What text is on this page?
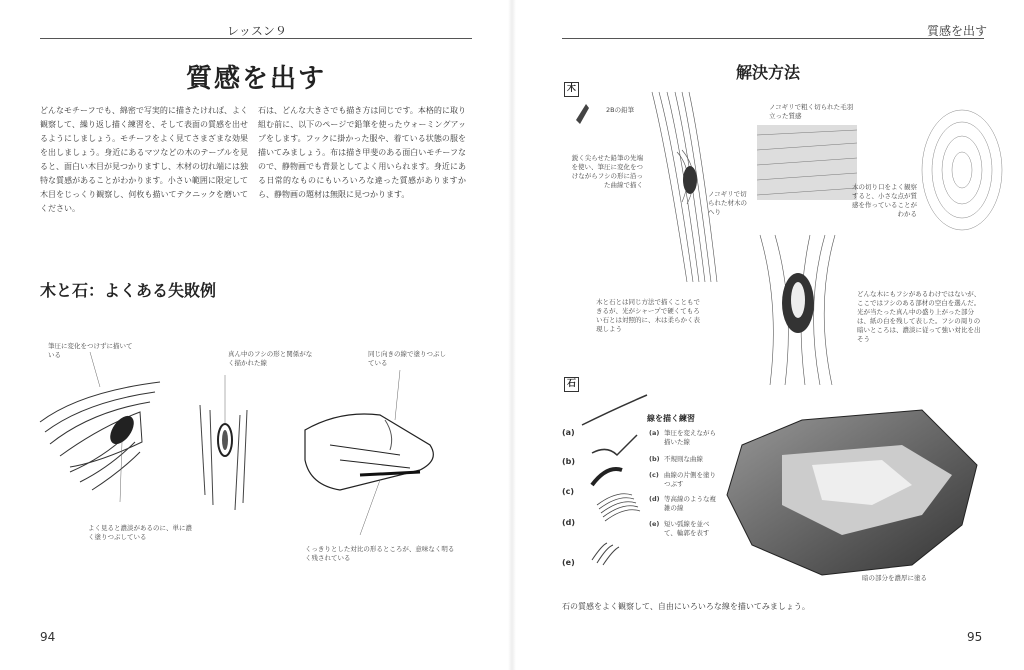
レッスン９
質感を出す
どんなモチーフでも、綿密で写実的に描きたければ、よく観察して、繰り返し描く練習を、そして表面の質感を出せるようにしましょう。モチーフをよく見てさまざまな効果を出しましょう。身近にあるマツなどの木のテーブルを見ると、面白い木目が見つかりますし、木材の切れ端には独特な質感があることがわかります。小さい範囲に限定して木目をじっくり観察し、何枚も描いてテクニックを磨いてください。
石は、どんな大きさでも描き方は同じです。本格的に取り組む前に、以下のページで鉛筆を使ったウォーミングアップをします。フックに掛かった服や、着ている状態の服を描いてみましょう。布は描き甲斐のある面白いモチーフなので、静物画でも背景としてよく用いられます。身近にある日常的なものにもいろいろな違った質感がありますから、静物画の題材は無限に見つかります。
木と石：よくある失敗例
筆圧に変化をつけずに描いている	真ん中のフシの形と関係がなく描かれた線
同じ向きの線で塗りつぶしている
よく見ると濃淡があるのに、単に濃く塗りつぶしている
くっきりとした対比の形るところが、意味なく明るく残されている
94
質感を出す
解決方法
木
石
2Bの鉛筆	ノコギリで粗く切られた毛羽立った質感
鋭く尖らせた鉛筆の先端を使い、筆圧に変化をつけながらフシの形に沿った曲線で描く
ノコギリで切られた材木のへり
木の切り口をよく観察すると、小さな点が質感を作っていることがわかる
木と石とは同じ方法で描くこともできるが、光がシャープで硬くてもろい石とは対照的に、木は柔らかく表現しよう
どんな木にもフシがあるわけではないが、ここではフシのある部材の空白を選んだ。光が当たった真ん中の盛り上がった部分は、紙の白を残して表した。フシの周りの暗いところは、濃淡に従って強い対比を出そう
線を描く練習
(a)
(b)
(c)
(d)
(e)
(a) 筆圧を変えながら描いた線
(b) 不規則な曲線
(c) 曲線の片側を塗りつぶす
(d) 等高線のような複雑の線
(e) 短い弧線を並べて、輪郭を表す
暗の部分を濃厚に塗る
石の質感をよく観察して、自由にいろいろな線を描いてみましょう。
95
